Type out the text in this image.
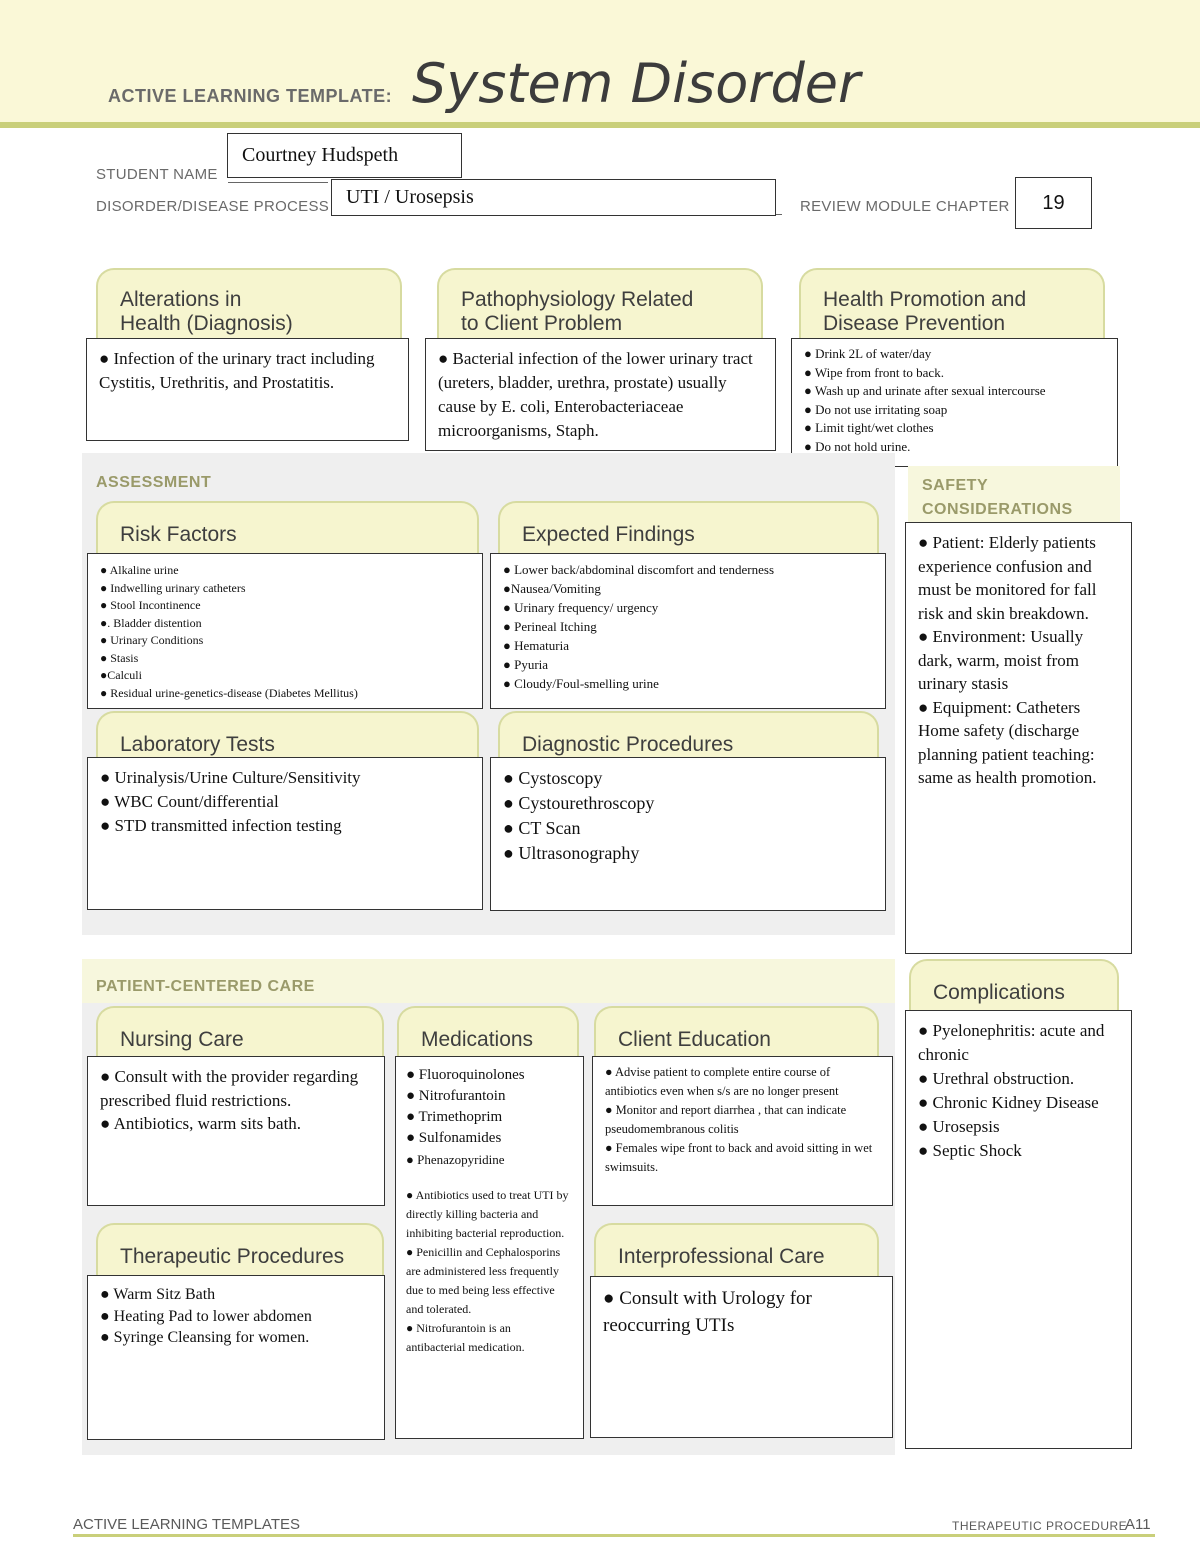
ACTIVE LEARNING TEMPLATE: System Disorder
STUDENT NAME
Courtney Hudspeth
DISORDER/DISEASE PROCESS UTI / Urosepsis	REVIEW MODULE CHAPTER	19
Alterations in
Health (Diagnosis)
● Infection of the urinary tract including Cystitis, Urethritis, and Prostatitis.
Pathophysiology Related
to Client Problem
● Bacterial infection of the lower urinary tract (ureters, bladder, urethra, prostate) usually cause by E. coli, Enterobacteriaceae microorganisms, Staph.
Health Promotion and
Disease Prevention
● Drink 2L of water/day
● Wipe from front to back.
● Wash up and urinate after sexual intercourse
● Do not use irritating soap
● Limit tight/wet clothes
● Do not hold urine.
ASSESSMENT	SAFETY
CONSIDERATIONS
● Patient: Elderly patients experience confusion and must be monitored for fall risk and skin breakdown.
● Environment: Usually dark, warm, moist from urinary stasis
● Equipment: Catheters Home safety (discharge planning patient teaching: same as health promotion.
Risk Factors
● Alkaline urine
● Indwelling urinary catheters
● Stool Incontinence
●. Bladder distention
● Urinary Conditions
● Stasis
●Calculi
● Residual urine-genetics-disease (Diabetes Mellitus)
Expected Findings
● Lower back/abdominal discomfort and tenderness
●Nausea/Vomiting
● Urinary frequency/ urgency
● Perineal Itching
● Hematuria
● Pyuria
● Cloudy/Foul-smelling urine
Laboratory Tests
● Urinalysis/Urine Culture/Sensitivity
● WBC Count/differential
● STD transmitted infection testing
Diagnostic Procedures
● Cystoscopy
● Cystourethroscopy
● CT Scan
● Ultrasonography
PATIENT-CENTERED CARE	Complications
● Pyelonephritis: acute and chronic
● Urethral obstruction.
● Chronic Kidney Disease
● Urosepsis
● Septic Shock
Nursing Care
● Consult with the provider regarding prescribed fluid restrictions.
● Antibiotics, warm sits bath.
Medications
● Fluoroquinolones
● Nitrofurantoin
● Trimethoprim
● Sulfonamides
● Phenazopyridine
● Antibiotics used to treat UTI by directly killing bacteria and inhibiting bacterial reproduction.
● Penicillin and Cephalosporins are administered less frequently due to med being less effective and tolerated.
● Nitrofurantoin is an antibacterial medication.
Client Education
● Advise patient to complete entire course of antibiotics even when s/s are no longer present
● Monitor and report diarrhea , that can indicate pseudomembranous colitis
● Females wipe front to back and avoid sitting in wet swimsuits.
Therapeutic Procedures
● Warm Sitz Bath
● Heating Pad to lower abdomen
● Syringe Cleansing for women.
Interprofessional Care
● Consult with Urology for reoccurring UTIs
ACTIVE LEARNING TEMPLATES	THERAPEUTIC PROCEDURE
A11
